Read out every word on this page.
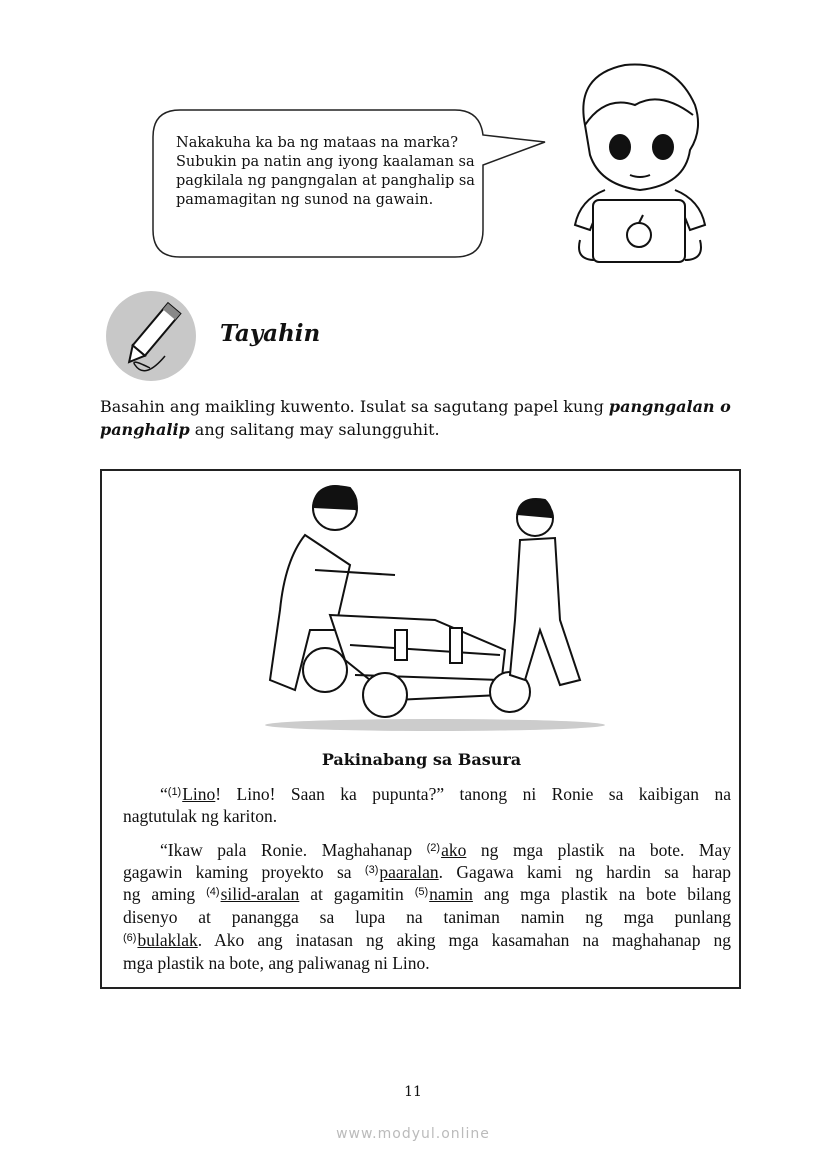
Nakakuha ka ba ng mataas na marka? Subukin pa natin ang iyong kaalaman sa pagkilala ng pangngalan at panghalip sa pamamagitan ng sunod na gawain.
Tayahin
Basahin ang maikling kuwento. Isulat sa sagutang papel kung pangngalan o panghalip ang salitang may salungguhit.
Pakinabang sa Basura
“$^{(1)}$Lino! Lino! Saan ka pupunta?” tanong ni Ronie sa kaibigan na
nagtutulak ng kariton.
“Ikaw pala Ronie. Maghahanap $^{(2)}$ako ng mga plastik na bote. May
gagawin kaming proyekto sa $^{(3)}$paaralan. Gagawa kami ng hardin sa harap
ng aming $^{(4)}$silid-aralan at gagamitin $^{(5)}$namin ang mga plastik na bote bilang
disenyo at panangga sa lupa na taniman namin ng mga punlang
$^{(6)}$bulaklak. Ako ang inatasan ng aking mga kasamahan na maghahanap ng
mga plastik na bote, ang paliwanag ni Lino.
11
www.modyul.online
